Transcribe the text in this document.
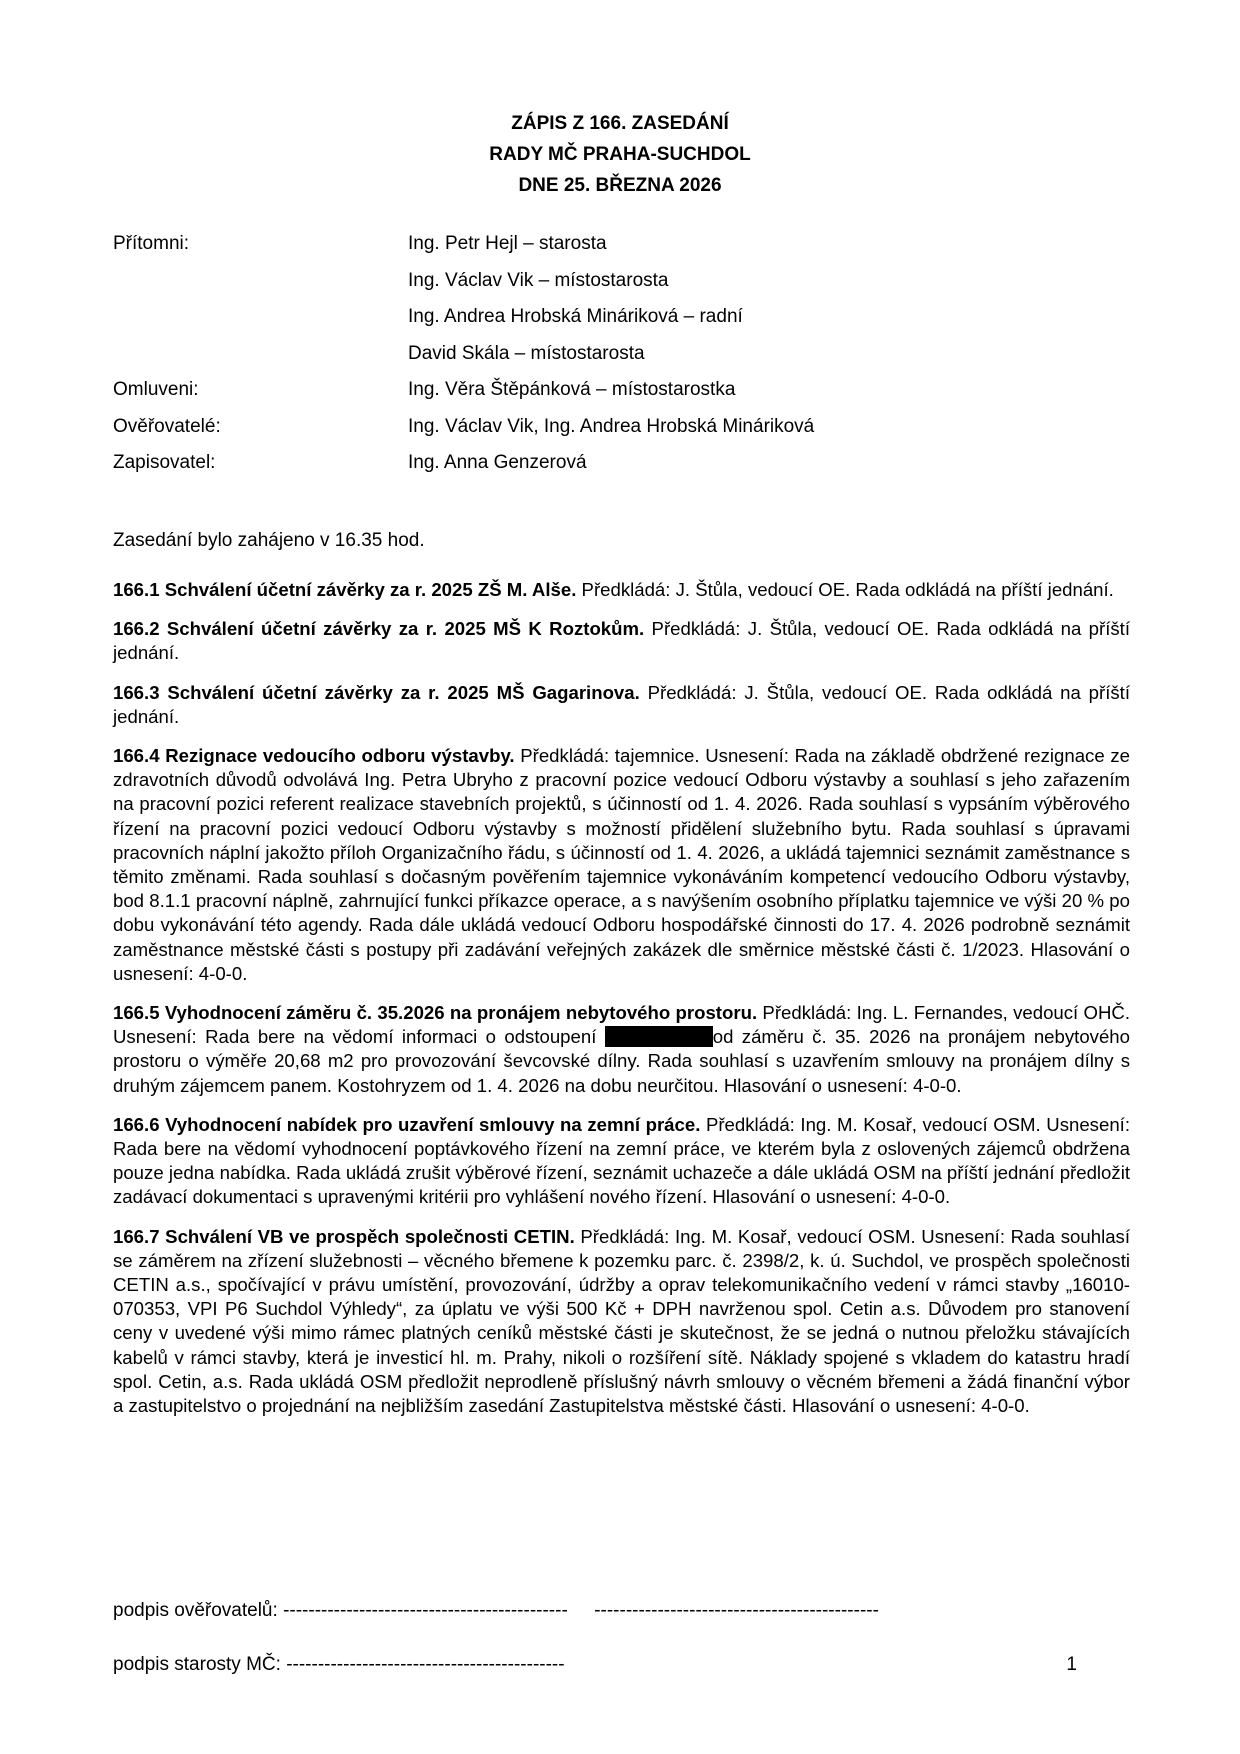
ZÁPIS Z 166. ZASEDÁNÍ
RADY MČ PRAHA-SUCHDOL
DNE 25. BŘEZNA 2026
Přítomni:	Ing. Petr Hejl – starosta
Ing. Václav Vik – místostarosta
Ing. Andrea Hrobská Mináriková – radní
David Skála – místostarosta
Omluveni:	Ing. Věra Štěpánková – místostarostka
Ověřovatelé:	Ing. Václav Vik, Ing. Andrea Hrobská Mináriková
Zapisovatel:	Ing. Anna Genzerová
Zasedání bylo zahájeno v 16.35 hod.

166.1 Schválení účetní závěrky za r. 2025 ZŠ M. Alše. Předkládá: J. Štůla, vedoucí OE. Rada odkládá na příští jednání.

166.2 Schválení účetní závěrky za r. 2025 MŠ K Roztokům. Předkládá: J. Štůla, vedoucí OE. Rada odkládá na příští jednání.

166.3 Schválení účetní závěrky za r. 2025 MŠ Gagarinova. Předkládá: J. Štůla, vedoucí OE. Rada odkládá na příští jednání.

166.4 Rezignace vedoucího odboru výstavby. Předkládá: tajemnice. Usnesení: Rada na základě obdržené rezignace ze zdravotních důvodů odvolává Ing. Petra Ubryho z pracovní pozice vedoucí Odboru výstavby a souhlasí s jeho zařazením na pracovní pozici referent realizace stavebních projektů, s účinností od 1. 4. 2026. Rada souhlasí s vypsáním výběrového řízení na pracovní pozici vedoucí Odboru výstavby s možností přidělení služebního bytu. Rada souhlasí s úpravami pracovních náplní jakožto příloh Organizačního řádu, s účinností od 1. 4. 2026, a ukládá tajemnici seznámit zaměstnance s těmito změnami. Rada souhlasí s dočasným pověřením tajemnice vykonáváním kompetencí vedoucího Odboru výstavby, bod 8.1.1 pracovní náplně, zahrnující funkci příkazce operace, a s navýšením osobního příplatku tajemnice ve výši 20 % po dobu vykonávání této agendy. Rada dále ukládá vedoucí Odboru hospodářské činnosti do 17. 4. 2026 podrobně seznámit zaměstnance městské části s postupy při zadávání veřejných zakázek dle směrnice městské části č. 1/2023. Hlasování o usnesení: 4-0-0.

166.5 Vyhodnocení záměru č. 35.2026 na pronájem nebytového prostoru. Předkládá: Ing. L. Fernandes, vedoucí OHČ. Usnesení: Rada bere na vědomí informaci o odstoupení	od záměru č. 35. 2026 na pronájem nebytového prostoru o výměře 20,68 m2 pro provozování ševcovské dílny. Rada souhlasí s uzavřením smlouvy na pronájem dílny s druhým zájemcem panem. Kostohryzem od 1. 4. 2026 na dobu neurčitou. Hlasování o usnesení: 4-0-0.

166.6 Vyhodnocení nabídek pro uzavření smlouvy na zemní práce. Předkládá: Ing. M. Kosař, vedoucí OSM. Usnesení: Rada bere na vědomí vyhodnocení poptávkového řízení na zemní práce, ve kterém byla z oslovených zájemců obdržena pouze jedna nabídka. Rada ukládá zrušit výběrové řízení, seznámit uchazeče a dále ukládá OSM na příští jednání předložit zadávací dokumentaci s upravenými kritérii pro vyhlášení nového řízení. Hlasování o usnesení: 4-0-0.

166.7 Schválení VB ve prospěch společnosti CETIN. Předkládá: Ing. M. Kosař, vedoucí OSM. Usnesení: Rada souhlasí se záměrem na zřízení služebnosti – věcného břemene k pozemku parc. č. 2398/2, k. ú. Suchdol, ve prospěch společnosti CETIN a.s., spočívající v právu umístění, provozování, údržby a oprav telekomunikačního vedení v rámci stavby „16010-070353, VPI P6 Suchdol Výhledy“, za úplatu ve výši 500 Kč + DPH navrženou spol. Cetin a.s. Důvodem pro stanovení ceny v uvedené výši mimo rámec platných ceníků městské části je skutečnost, že se jedná o nutnou přeložku stávajících kabelů v rámci stavby, která je investicí hl. m. Prahy, nikoli o rozšíření sítě. Náklady spojené s vkladem do katastru hradí spol. Cetin, a.s. Rada ukládá OSM předložit neprodleně příslušný návrh smlouvy o věcném břemeni a žádá finanční výbor a zastupitelstvo o projednání na nejbližším zasedání Zastupitelstva městské části. Hlasování o usnesení: 4-0-0.

podpis ověřovatelů: --------------------------------------------- ---------------------------------------------
podpis starosty MČ: --------------------------------------------	1
